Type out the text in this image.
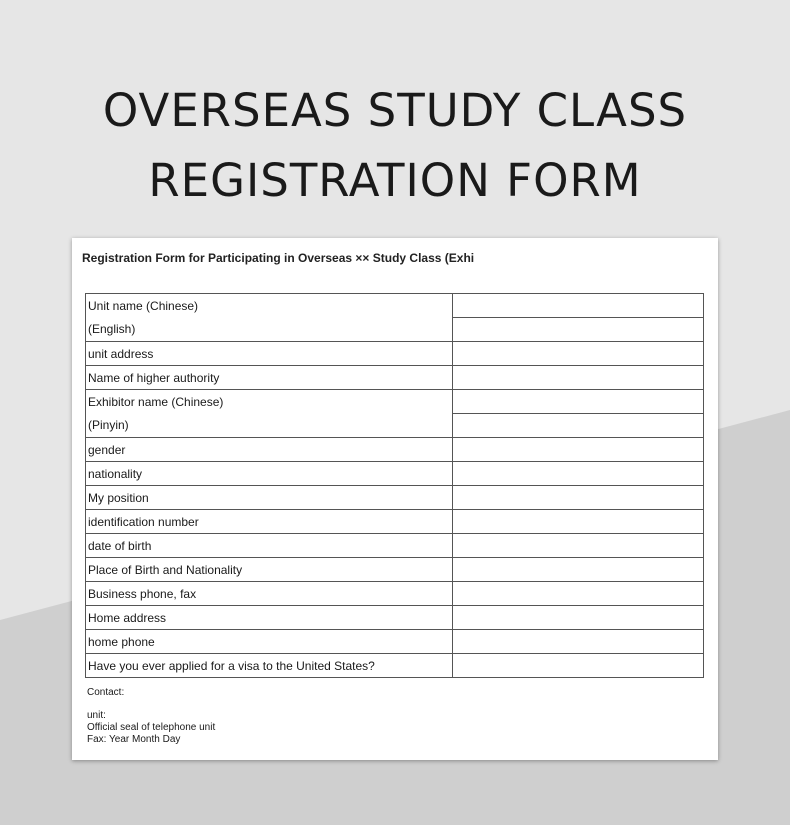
OVERSEAS STUDY CLASS
REGISTRATION FORM
Registration Form for Participating in Overseas ×× Study Class (Exhi
Unit name (Chinese)	
(English)	
unit address	
Name of higher authority	
Exhibitor name (Chinese)	
(Pinyin)	
gender	
nationality	
My position	
identification number	
date of birth	
Place of Birth and Nationality	
Business phone, fax	
Home address	
home phone	
Have you ever applied for a visa to the United States?	
Contact:
unit:
Official seal of telephone unit
Fax: Year Month Day
